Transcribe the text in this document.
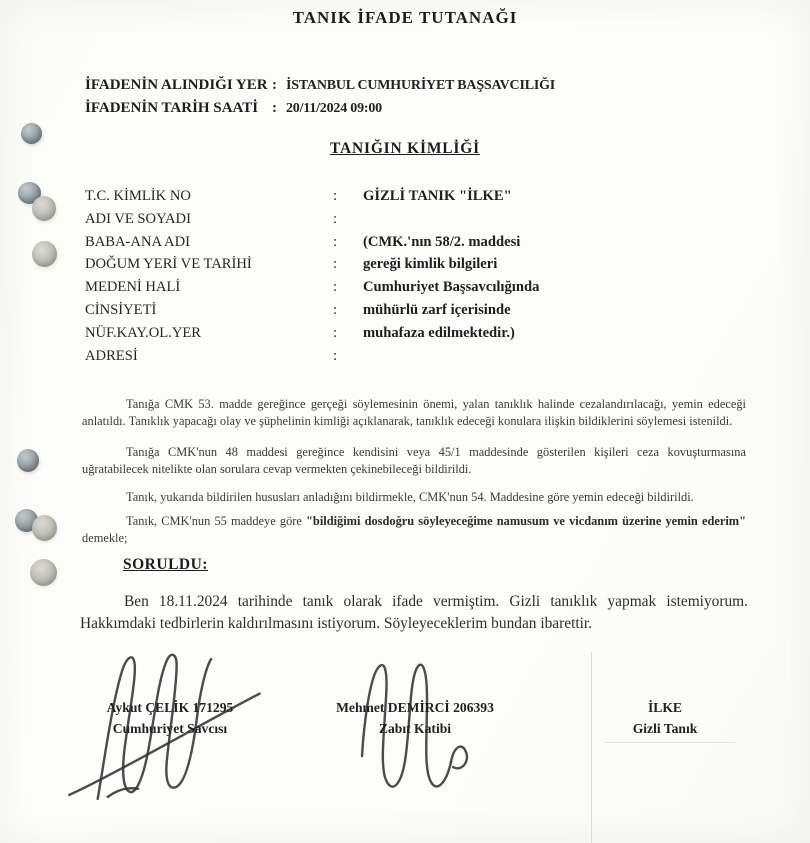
TANIK İFADE TUTANAĞI
İFADENİN ALINDIĞI YER : İSTANBUL CUMHURİYET BAŞSAVCILIĞI
İFADENİN TARİH SAATİ : 20/11/2024 09:00
TANIĞIN KİMLİĞİ
T.C. KİMLİK NO	:	GİZLİ TANIK "İLKE"
ADI VE SOYADI	:
BABA-ANA ADI	:	(CMK.'nın 58/2. maddesi
DOĞUM YERİ VE TARİHİ	:	gereği kimlik bilgileri
MEDENİ HALİ	:	Cumhuriyet Başsavcılığında
CİNSİYETİ	:	mühürlü zarf içerisinde
NÜF.KAY.OL.YER	:	muhafaza edilmektedir.)
ADRESİ	:

Tanığa CMK 53. madde gereğince gerçeği söylemesinin önemi, yalan tanıklık halinde cezalandırılacağı, yemin edeceği anlatıldı. Tanıklık yapacağı olay ve şüphelinin kimliği açıklanarak, tanıklık edeceği konulara ilişkin bildiklerini söylemesi istenildi.

Tanığa CMK'nun 48 maddesi gereğince kendisini veya 45/1 maddesinde gösterilen kişileri ceza kovuşturmasına uğratabilecek nitelikte olan sorulara cevap vermekten çekinebileceği bildirildi.

Tanık, yukarıda bildirilen hususları anladığını bildirmekle, CMK'nun 54. Maddesine göre yemin edeceği bildirildi.

Tanık, CMK'nun 55 maddeye göre "bildiğimi dosdoğru söyleyeceğime namusum ve vicdanım üzerine yemin ederim" demekle;

SORULDU:
Ben 18.11.2024 tarihinde tanık olarak ifade vermiştim. Gizli tanıklık yapmak istemiyorum. Hakkımdaki tedbirlerin kaldırılmasını istiyorum. Söyleyeceklerim bundan ibarettir.
Aykut ÇELİK 171295
Cumhuriyet Savcısı
Mehmet DEMİRCİ 206393
Zabıt Katibi
İLKE
Gizli Tanık
